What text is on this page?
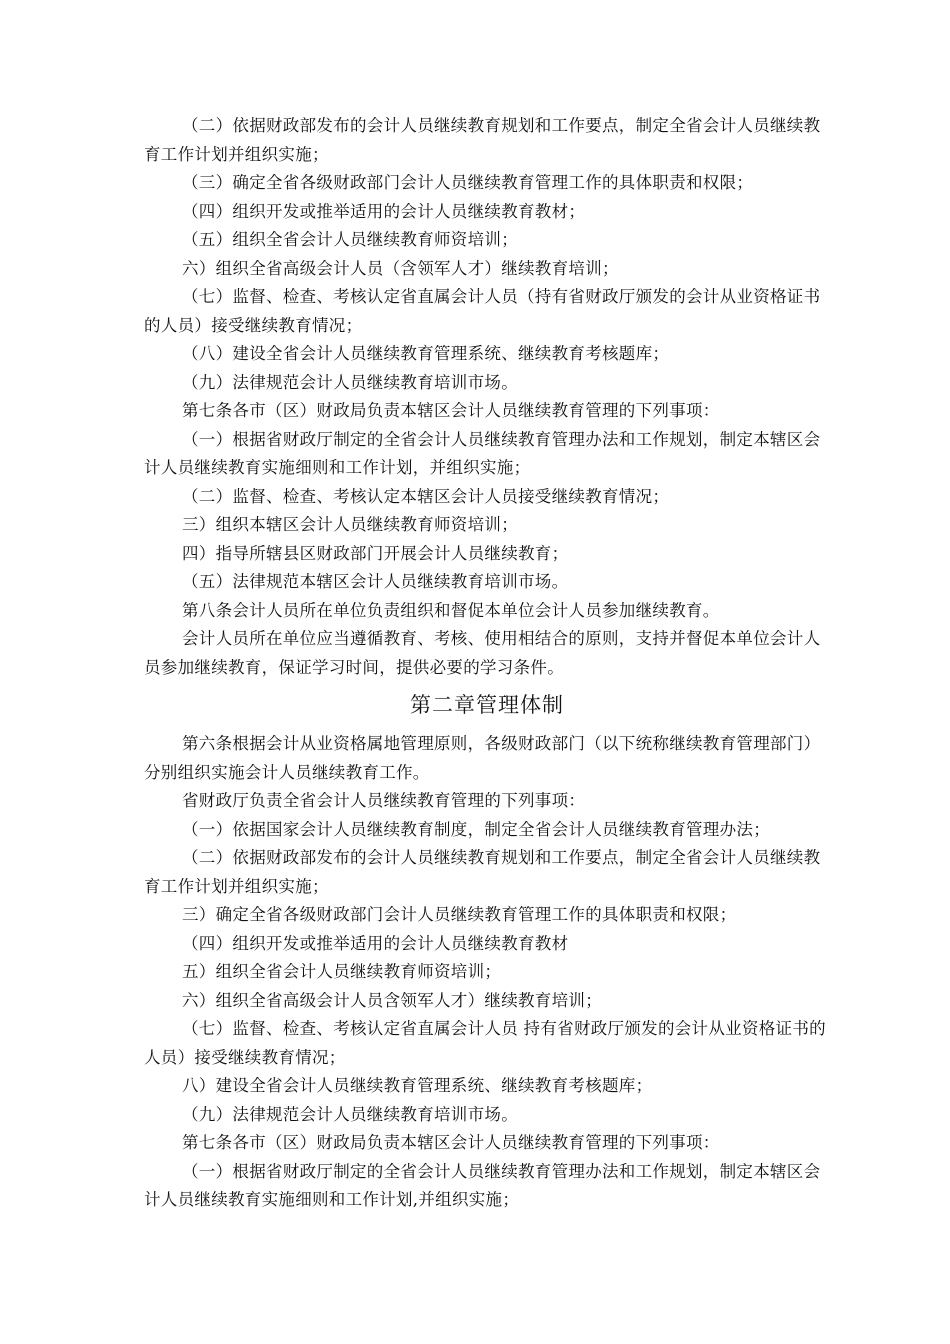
（二）依据财政部发布的会计人员继续教育规划和工作要点，制定全省会计人员继续教育工作计划并组织实施；

（三）确定全省各级财政部门会计人员继续教育管理工作的具体职责和权限；

（四）组织开发或推举适用的会计人员继续教育教材；

（五）组织全省会计人员继续教育师资培训；

六）组织全省高级会计人员（含领军人才）继续教育培训；

（七）监督、检查、考核认定省直属会计人员（持有省财政厅颁发的会计从业资格证书的人员）接受继续教育情况；

（八）建设全省会计人员继续教育管理系统、继续教育考核题库；

（九）法律规范会计人员继续教育培训市场。

第七条各市（区）财政局负责本辖区会计人员继续教育管理的下列事项：

（一）根据省财政厅制定的全省会计人员继续教育管理办法和工作规划，制定本辖区会计人员继续教育实施细则和工作计划，并组织实施；

（二）监督、检查、考核认定本辖区会计人员接受继续教育情况；

三）组织本辖区会计人员继续教育师资培训；

四）指导所辖县区财政部门开展会计人员继续教育；

（五）法律规范本辖区会计人员继续教育培训市场。

第八条会计人员所在单位负责组织和督促本单位会计人员参加继续教育。

会计人员所在单位应当遵循教育、考核、使用相结合的原则，支持并督促本单位会计人员参加继续教育，保证学习时间，提供必要的学习条件。

第二章管理体制

第六条根据会计从业资格属地管理原则，各级财政部门（以下统称继续教育管理部门）分别组织实施会计人员继续教育工作。

省财政厅负责全省会计人员继续教育管理的下列事项：

（一）依据国家会计人员继续教育制度，制定全省会计人员继续教育管理办法；

（二）依据财政部发布的会计人员继续教育规划和工作要点，制定全省会计人员继续教育工作计划并组织实施；

三）确定全省各级财政部门会计人员继续教育管理工作的具体职责和权限；

（四）组织开发或推举适用的会计人员继续教育教材

五）组织全省会计人员继续教育师资培训；

六）组织全省高级会计人员含领军人才）继续教育培训；

（七）监督、检查、考核认定省直属会计人员 持有省财政厅颁发的会计从业资格证书的人员）接受继续教育情况；

八）建设全省会计人员继续教育管理系统、继续教育考核题库；

（九）法律规范会计人员继续教育培训市场。

第七条各市（区）财政局负责本辖区会计人员继续教育管理的下列事项：

（一）根据省财政厅制定的全省会计人员继续教育管理办法和工作规划，制定本辖区会计人员继续教育实施细则和工作计划,并组织实施；
